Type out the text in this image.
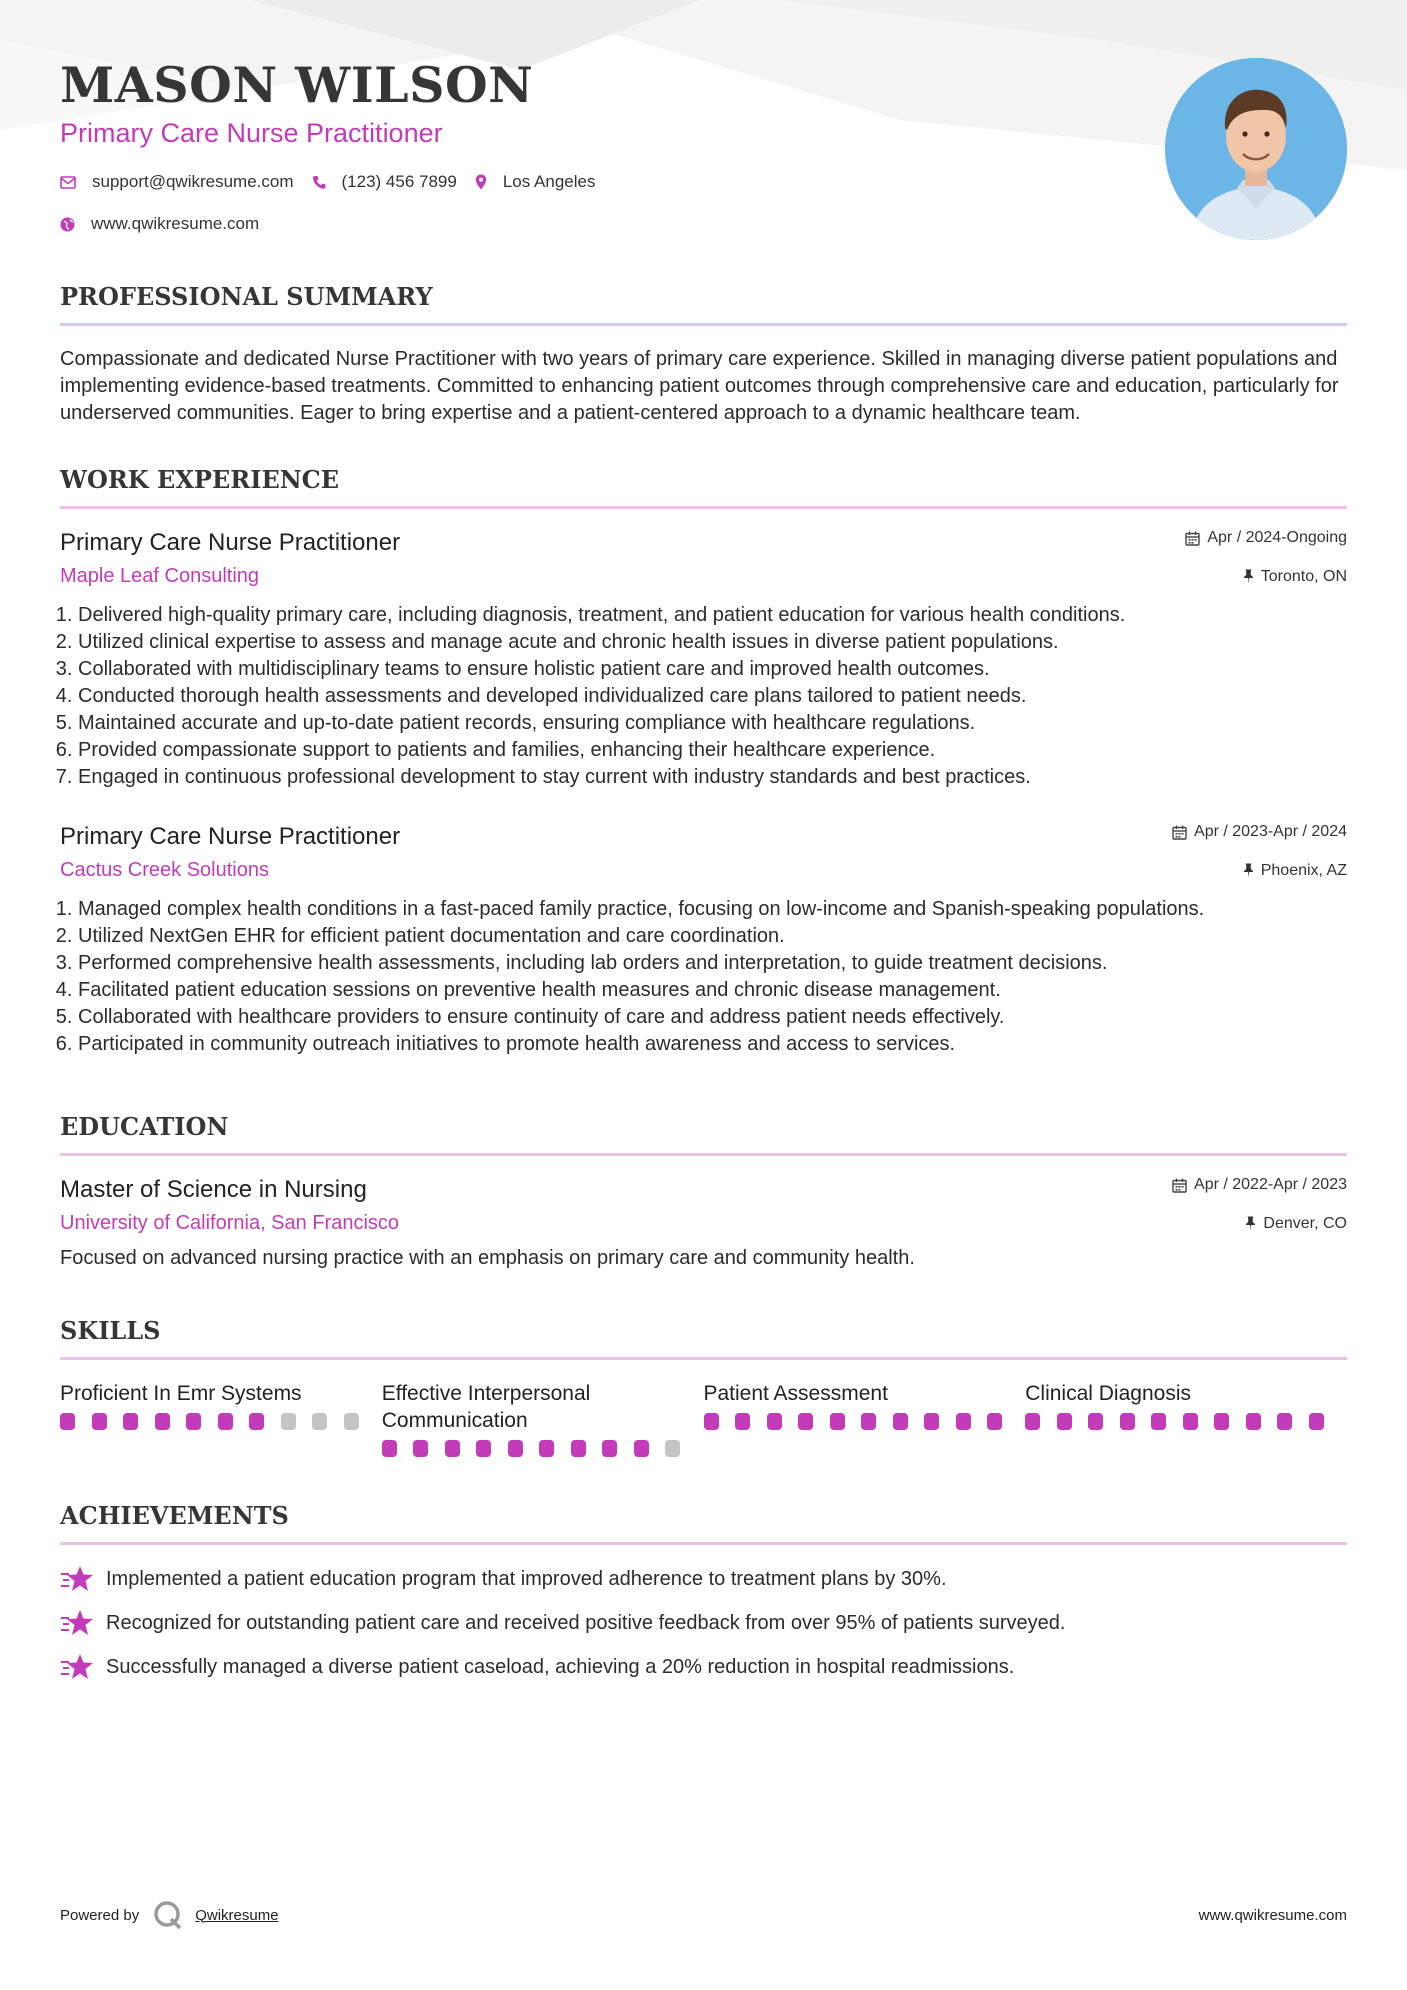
MASON WILSON
Primary Care Nurse Practitioner
support@qwikresume.com	(123) 456 7899	Los Angeles
www.qwikresume.com
PROFESSIONAL SUMMARY
Compassionate and dedicated Nurse Practitioner with two years of primary care experience. Skilled in managing diverse patient populations and implementing evidence-based treatments. Committed to enhancing patient outcomes through comprehensive care and education, particularly for underserved communities. Eager to bring expertise and a patient-centered approach to a dynamic healthcare team.
WORK EXPERIENCE
Primary Care Nurse Practitioner	Apr / 2024-Ongoing
Maple Leaf Consulting	Toronto, ON
1. Delivered high-quality primary care, including diagnosis, treatment, and patient education for various health conditions.
2. Utilized clinical expertise to assess and manage acute and chronic health issues in diverse patient populations.
3. Collaborated with multidisciplinary teams to ensure holistic patient care and improved health outcomes.
4. Conducted thorough health assessments and developed individualized care plans tailored to patient needs.
5. Maintained accurate and up-to-date patient records, ensuring compliance with healthcare regulations.
6. Provided compassionate support to patients and families, enhancing their healthcare experience.
7. Engaged in continuous professional development to stay current with industry standards and best practices.
Primary Care Nurse Practitioner	Apr / 2023-Apr / 2024
Cactus Creek Solutions	Phoenix, AZ
1. Managed complex health conditions in a fast-paced family practice, focusing on low-income and Spanish-speaking populations.
2. Utilized NextGen EHR for efficient patient documentation and care coordination.
3. Performed comprehensive health assessments, including lab orders and interpretation, to guide treatment decisions.
4. Facilitated patient education sessions on preventive health measures and chronic disease management.
5. Collaborated with healthcare providers to ensure continuity of care and address patient needs effectively.
6. Participated in community outreach initiatives to promote health awareness and access to services.
EDUCATION
Master of Science in Nursing	Apr / 2022-Apr / 2023
University of California, San Francisco	Denver, CO
Focused on advanced nursing practice with an emphasis on primary care and community health.
SKILLS
Proficient In Emr Systems	Effective Interpersonal Communication
Patient Assessment	Clinical Diagnosis
ACHIEVEMENTS
Implemented a patient education program that improved adherence to treatment plans by 30%.
Recognized for outstanding patient care and received positive feedback from over 95% of patients surveyed.
Successfully managed a diverse patient caseload, achieving a 20% reduction in hospital readmissions.
Powered by	Qwikresume	www.qwikresume.com
